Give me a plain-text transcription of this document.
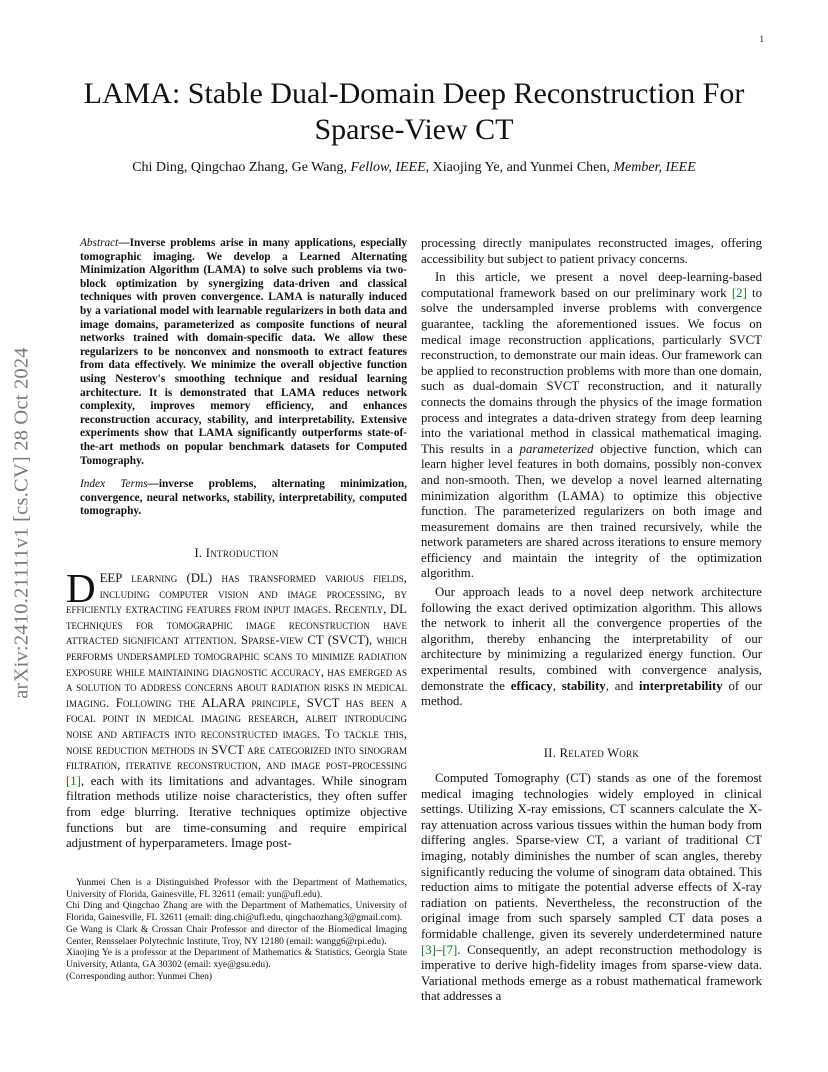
1
arXiv:2410.21111v1 [cs.CV] 28 Oct 2024
LAMA: Stable Dual-Domain Deep Reconstruction For Sparse-View CT
Chi Ding, Qingchao Zhang, Ge Wang, Fellow, IEEE, Xiaojing Ye, and Yunmei Chen, Member, IEEE
Abstract—Inverse problems arise in many applications, especially tomographic imaging. We develop a Learned Alternating Minimization Algorithm (LAMA) to solve such problems via two-block optimization by synergizing data-driven and classical techniques with proven convergence. LAMA is naturally induced by a variational model with learnable regularizers in both data and image domains, parameterized as composite functions of neural networks trained with domain-specific data. We allow these regularizers to be nonconvex and nonsmooth to extract features from data effectively. We minimize the overall objective function using Nesterov's smoothing technique and residual learning architecture. It is demonstrated that LAMA reduces network complexity, improves memory efficiency, and enhances reconstruction accuracy, stability, and interpretability. Extensive experiments show that LAMA significantly outperforms state-of-the-art methods on popular benchmark datasets for Computed Tomography.
Index Terms—inverse problems, alternating minimization, convergence, neural networks, stability, interpretability, computed tomography.
I. Introduction
DEEP learning (DL) has transformed various fields, including computer vision and image processing, by efficiently extracting features from input images. Recently, DL techniques for tomographic image reconstruction have attracted significant attention. Sparse-view CT (SVCT), which performs undersampled tomographic scans to minimize radiation exposure while maintaining diagnostic accuracy, has emerged as a solution to address concerns about radiation risks in medical imaging. Following the ALARA principle, SVCT has been a focal point in medical imaging research, albeit introducing noise and artifacts into reconstructed images. To tackle this, noise reduction methods in SVCT are categorized into sinogram filtration, iterative reconstruction, and image post-processing [1], each with its limitations and advantages. While sinogram filtration methods utilize noise characteristics, they often suffer from edge blurring. Iterative techniques optimize objective functions but are time-consuming and require empirical adjustment of hyperparameters. Image post-

Yunmei Chen is a Distinguished Professor with the Department of Mathematics, University of Florida, Gainesville, FL 32611 (email: yun@ufl.edu).

Chi Ding and Qingchao Zhang are with the Department of Mathematics, University of Florida, Gainesville, FL 32611 (email: ding.chi@ufl.edu, qingchaozhang3@gmail.com).

Ge Wang is Clark & Crossan Chair Professor and director of the Biomedical Imaging Center, Rensselaer Polytechnic Institute, Troy, NY 12180 (email: wangg6@rpi.edu).

Xiaojing Ye is a professor at the Department of Mathematics & Statistics, Georgia State University, Atlanta, GA 30302 (email: xye@gsu.edu).

(Corresponding author: Yunmei Chen)

processing directly manipulates reconstructed images, offering accessibility but subject to patient privacy concerns.

In this article, we present a novel deep-learning-based computational framework based on our preliminary work [2] to solve the undersampled inverse problems with convergence guarantee, tackling the aforementioned issues. We focus on medical image reconstruction applications, particularly SVCT reconstruction, to demonstrate our main ideas. Our framework can be applied to reconstruction problems with more than one domain, such as dual-domain SVCT reconstruction, and it naturally connects the domains through the physics of the image formation process and integrates a data-driven strategy from deep learning into the variational method in classical mathematical imaging. This results in a parameterized objective function, which can learn higher level features in both domains, possibly non-convex and non-smooth. Then, we develop a novel learned alternating minimization algorithm (LAMA) to optimize this objective function. The parameterized regularizers on both image and measurement domains are then trained recursively, while the network parameters are shared across iterations to ensure memory efficiency and maintain the integrity of the optimization algorithm.

Our approach leads to a novel deep network architecture following the exact derived optimization algorithm. This allows the network to inherit all the convergence properties of the algorithm, thereby enhancing the interpretability of our architecture by minimizing a regularized energy function. Our experimental results, combined with convergence analysis, demonstrate the efficacy, stability, and interpretability of our method.

II. Related Work

Computed Tomography (CT) stands as one of the foremost medical imaging technologies widely employed in clinical settings. Utilizing X-ray emissions, CT scanners calculate the X-ray attenuation across various tissues within the human body from differing angles. Sparse-view CT, a variant of traditional CT imaging, notably diminishes the number of scan angles, thereby significantly reducing the volume of sinogram data obtained. This reduction aims to mitigate the potential adverse effects of X-ray radiation on patients. Nevertheless, the reconstruction of the original image from such sparsely sampled CT data poses a formidable challenge, given its severely underdetermined nature [3]–[7]. Consequently, an adept reconstruction methodology is imperative to derive high-fidelity images from sparse-view data. Variational methods emerge as a robust mathematical framework that addresses a
